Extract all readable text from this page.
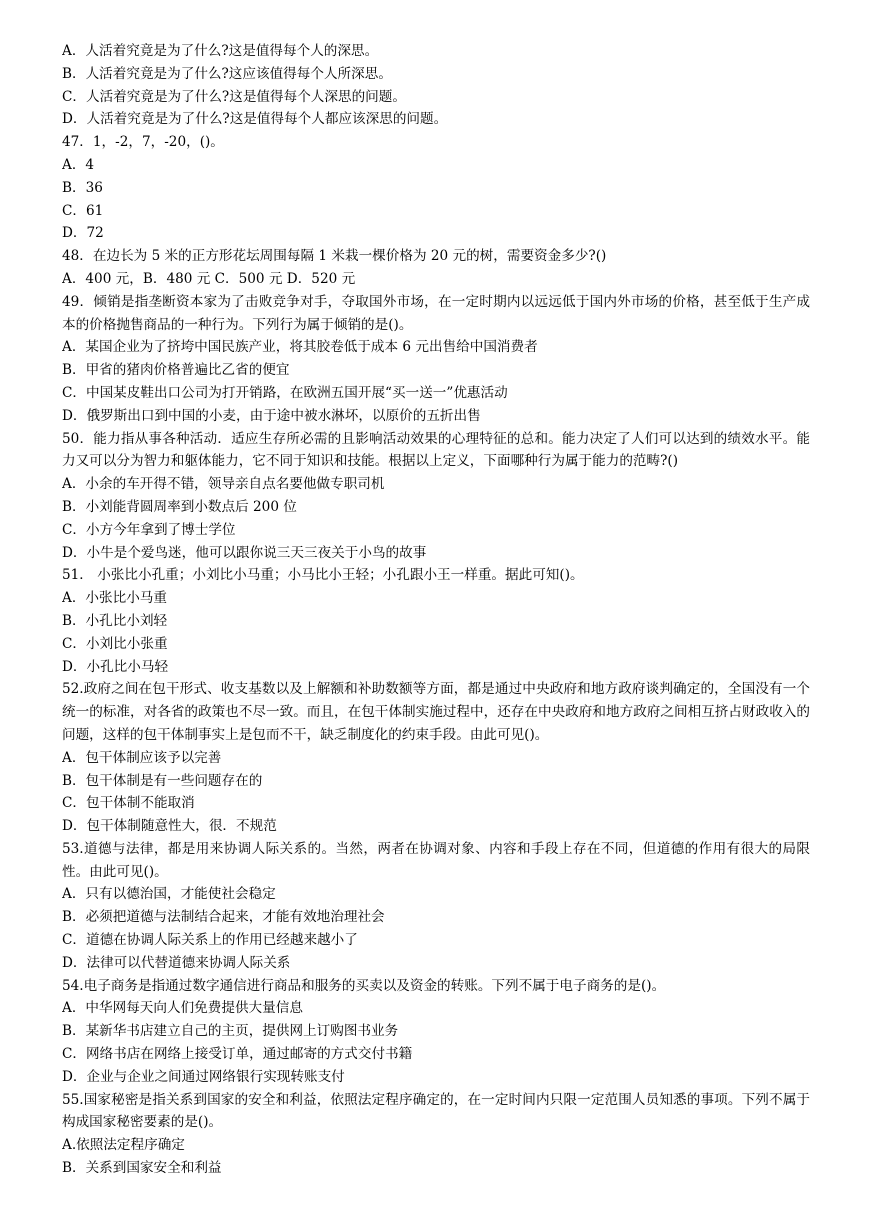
A．人活着究竟是为了什么?这是值得每个人的深思。
B．人活着究竟是为了什么?这应该值得每个人所深思。
C．人活着究竟是为了什么?这是值得每个人深思的问题。
D．人活着究竟是为了什么?这是值得每个人都应该深思的问题。
47．1，-2，7，-20，()。
A．4
B．36
C．61
D．72
48．在边长为 5 米的正方形花坛周围每隔 1 米栽一棵价格为 20 元的树，需要资金多少?()
A．400 元，B．480 元 C．500 元 D．520 元
49．倾销是指垄断资本家为了击败竞争对手，夺取国外市场，在一定时期内以远远低于国内外市场的价格，甚至低于生产成本的价格抛售商品的一种行为。下列行为属于倾销的是()。
A．某国企业为了挤垮中国民族产业，将其胶卷低于成本 6 元出售给中国消费者
B．甲省的猪肉价格普遍比乙省的便宜
C．中国某皮鞋出口公司为打开销路，在欧洲五国开展“买一送一”优惠活动
D．俄罗斯出口到中国的小麦，由于途中被水淋坏，以原价的五折出售
50．能力指从事各种活动．适应生存所必需的且影响活动效果的心理特征的总和。能力决定了人们可以达到的绩效水平。能力又可以分为智力和躯体能力，它不同于知识和技能。根据以上定义，下面哪种行为属于能力的范畴?()
A．小余的车开得不错，领导亲自点名要他做专职司机
B．小刘能背圆周率到小数点后 200 位
C．小方今年拿到了博士学位
D．小牛是个爱鸟迷，他可以跟你说三天三夜关于小鸟的故事
51． 小张比小孔重；小刘比小马重；小马比小王轻；小孔跟小王一样重。据此可知()。
A．小张比小马重
B．小孔比小刘轻
C．小刘比小张重
D．小孔比小马轻
52.政府之间在包干形式、收支基数以及上解额和补助数额等方面，都是通过中央政府和地方政府谈判确定的，全国没有一个统一的标准，对各省的政策也不尽一致。而且，在包干体制实施过程中，还存在中央政府和地方政府之间相互挤占财政收入的问题，这样的包干体制事实上是包而不干，缺乏制度化的约束手段。由此可见()。
A．包干体制应该予以完善
B．包干体制是有一些问题存在的
C．包干体制不能取消
D．包干体制随意性大，很．不规范
53.道德与法律，都是用来协调人际关系的。当然，两者在协调对象、内容和手段上存在不同，但道德的作用有很大的局限性。由此可见()。
A．只有以德治国，才能使社会稳定
B．必须把道德与法制结合起来，才能有效地治理社会
C．道德在协调人际关系上的作用已经越来越小了
D．法律可以代替道德来协调人际关系
54.电子商务是指通过数字通信进行商品和服务的买卖以及资金的转账。下列不属于电子商务的是()。
A．中华网每天向人们免费提供大量信息
B．某新华书店建立自己的主页，提供网上订购图书业务
C．网络书店在网络上接受订单，通过邮寄的方式交付书籍
D．企业与企业之间通过网络银行实现转账支付
55.国家秘密是指关系到国家的安全和利益，依照法定程序确定的，在一定时间内只限一定范围人员知悉的事项。下列不属于构成国家秘密要素的是()。
A.依照法定程序确定
B．关系到国家安全和利益
